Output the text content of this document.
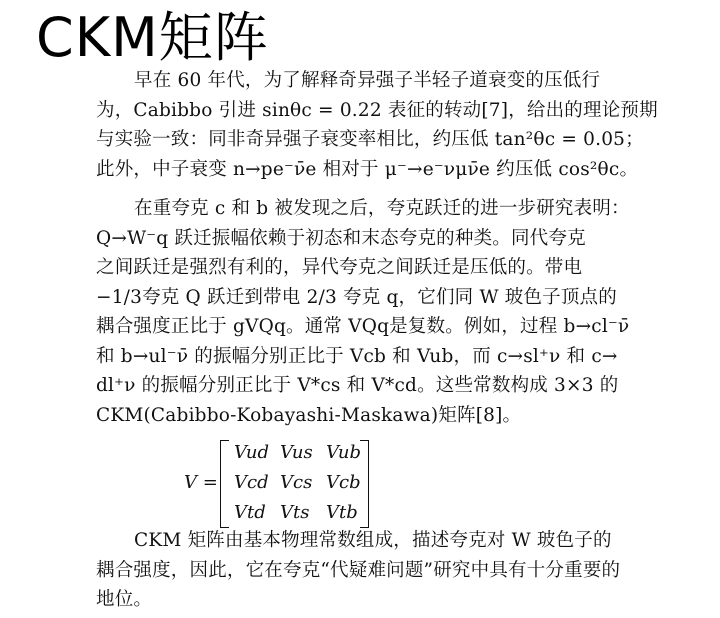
CKM矩阵
早在 60 年代，为了解释奇异强子半轻子道衰变的压低行
为，Cabibbo 引进 sinθc = 0.22 表征的转动[7]，给出的理论预期
与实验一致：同非奇异强子衰变率相比，约压低 tan²θc = 0.05；
此外，中子衰变 n→pe⁻ν̄e 相对于 μ⁻→e⁻νμν̄e 约压低 cos²θc。
在重夸克 c 和 b 被发现之后，夸克跃迁的进一步研究表明：
Q→W⁻q 跃迁振幅依赖于初态和末态夸克的种类。同代夸克
之间跃迁是强烈有利的，异代夸克之间跃迁是压低的。带电
−1/3夸克 Q 跃迁到带电 2/3 夸克 q，它们同 W 玻色子顶点的
耦合强度正比于 gVQq。通常 VQq是复数。例如，过程 b→cl⁻ν̄
和 b→ul⁻ν̄ 的振幅分别正比于 Vcb 和 Vub，而 c→sl⁺ν 和 c→
dl⁺ν 的振幅分别正比于 V*cs 和 V*cd。这些常数构成 3×3 的
CKM(Cabibbo-Kobayashi-Maskawa)矩阵[8]。
V =
Vud Vus Vub
Vcd Vcs Vcb
Vtd Vts Vtb
CKM 矩阵由基本物理常数组成，描述夸克对 W 玻色子的
耦合强度，因此，它在夸克“代疑难问题”研究中具有十分重要的
地位。
